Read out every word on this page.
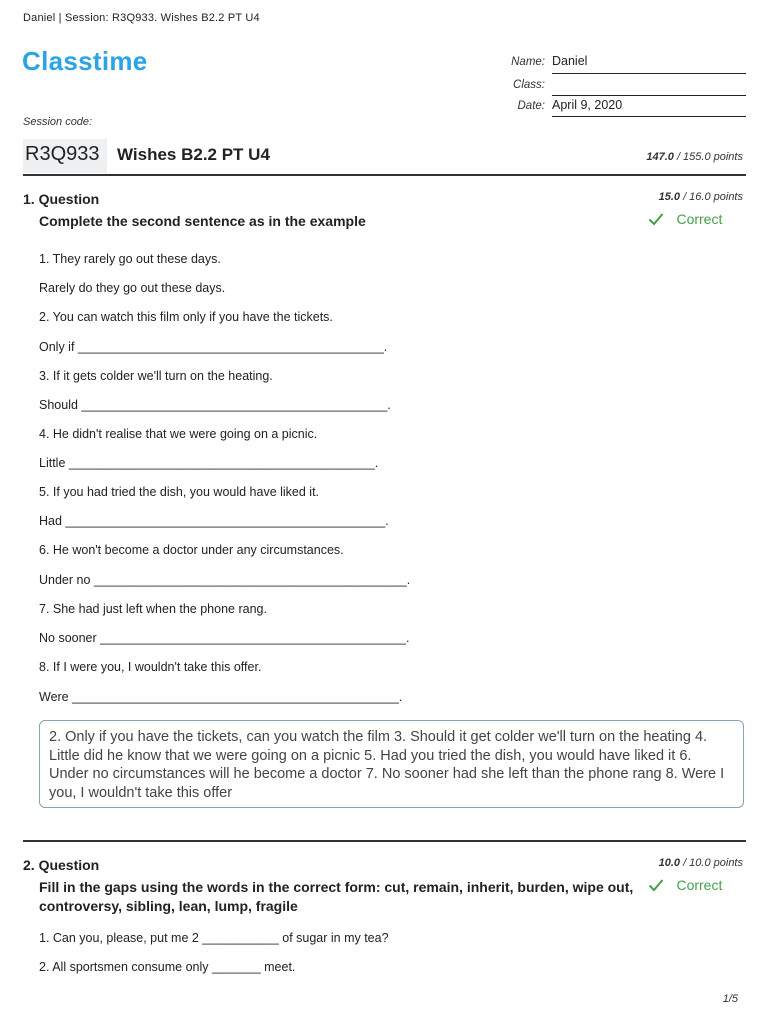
Daniel | Session: R3Q933. Wishes B2.2 PT U4
Classtime	Name: Daniel
Class:
Date: April 9, 2020
Session code:
R3Q933 Wishes B2.2 PT U4	147.0 / 155.0 points
1. Question	15.0 / 16.0 points
Complete the second sentence as in the example	Correct
1. They rarely go out these days.
Rarely do they go out these days.
2. You can watch this film only if you have the tickets.
Only if ____________________________________________.
3. If it gets colder we'll turn on the heating.
Should ____________________________________________.
4. He didn't realise that we were going on a picnic.
Little ____________________________________________.
5. If you had tried the dish, you would have liked it.
Had ______________________________________________.
6. He won't become a doctor under any circumstances.
Under no _____________________________________________.
7. She had just left when the phone rang.
No sooner ____________________________________________.
8. If I were you, I wouldn't take this offer.
Were _______________________________________________.
2. Only if you have the tickets, can you watch the film 3. Should it get colder we'll turn on the heating 4. Little did he know that we were going on a picnic 5. Had you tried the dish, you would have liked it 6. Under no circumstances will he become a doctor 7. No sooner had she left than the phone rang 8. Were I you, I wouldn't take this offer
2. Question	10.0 / 10.0 points
Fill in the gaps using the words in the correct form: cut, remain, inherit, burden, wipe out, controversy, sibling, lean, lump, fragile
Correct
1. Can you, please, put me 2 ___________ of sugar in my tea?
2. All sportsmen consume only _______ meet.
1/5
